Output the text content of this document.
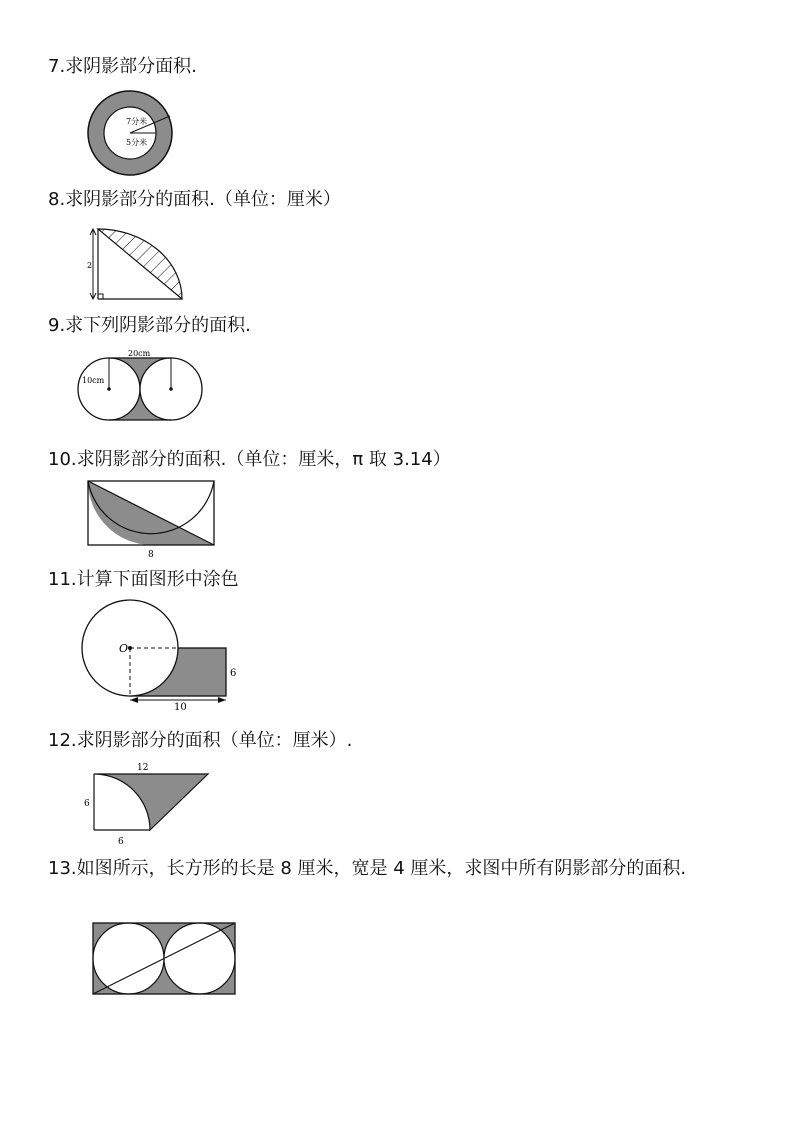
7.求阴影部分面积.
7分米
5分米
8.求阴影部分的面积.（单位：厘米）
2
9.求下列阴影部分的面积.
20cm
10cm
10.求阴影部分的面积.（单位：厘米，π 取 3.14）
8
11.计算下面图形中涂色
O
6
10
12.求阴影部分的面积（单位：厘米）.
12
6
6
13.如图所示，长方形的长是 8 厘米，宽是 4 厘米，求图中所有阴影部分的面积.
